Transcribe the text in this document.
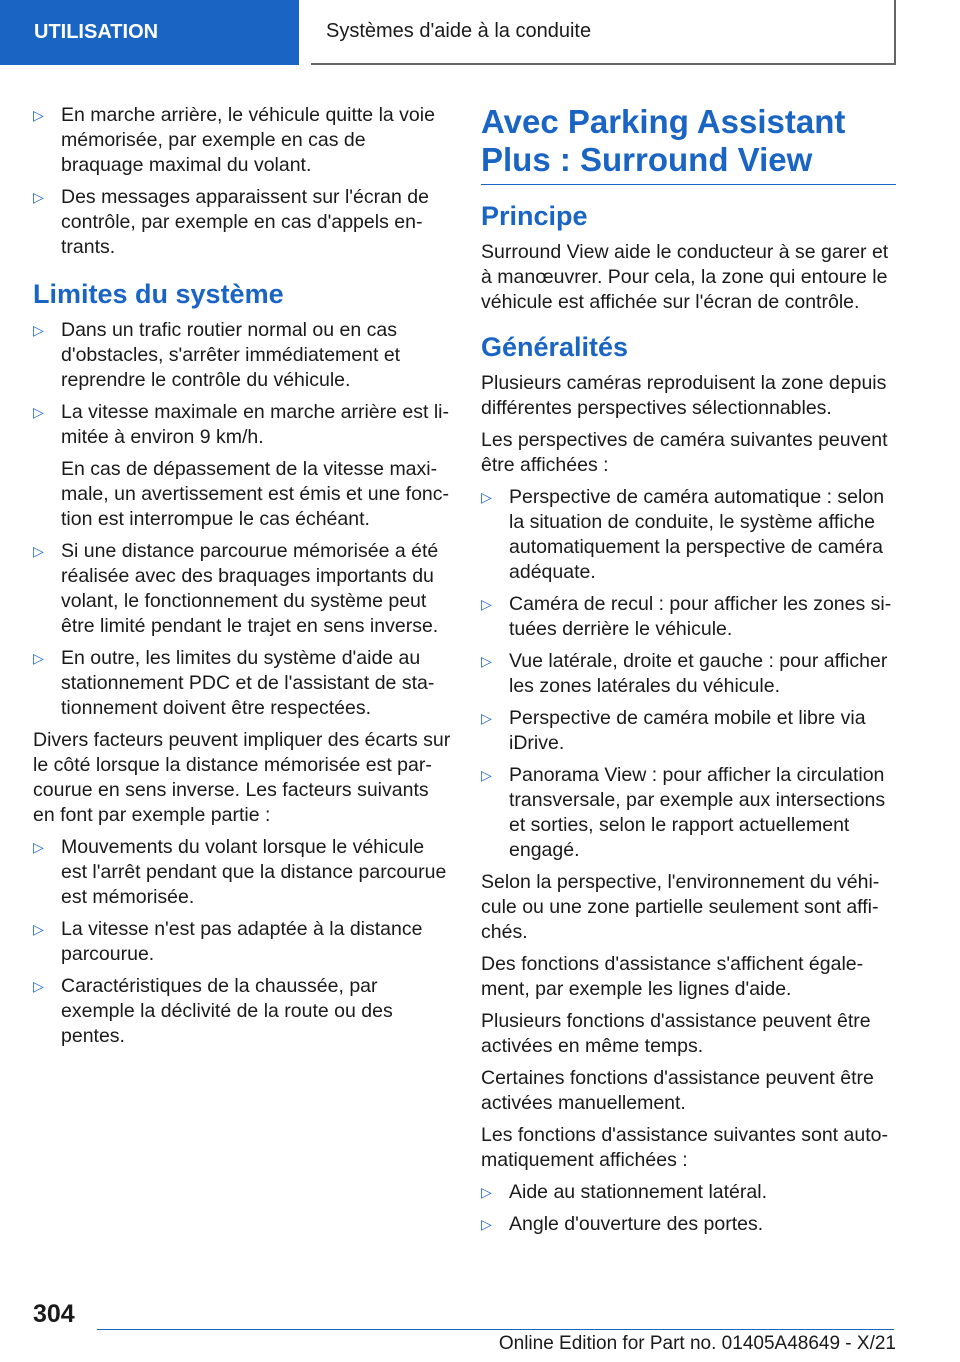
UTILISATION	Systèmes d'aide à la conduite
▷ En marche arrière, le véhicule quitte la voie mémorisée, par exemple en cas de braquage maximal du volant.
▷ Des messages apparaissent sur l'écran de contrôle, par exemple en cas d'appels entrants.
Limites du système
▷ Dans un trafic routier normal ou en cas d'obstacles, s'arrêter immédiatement et reprendre le contrôle du véhicule.
▷ La vitesse maximale en marche arrière est limitée à environ 9 km/h.
En cas de dépassement de la vitesse maximale, un avertissement est émis et une fonction est interrompue le cas échéant.
▷ Si une distance parcourue mémorisée a été réalisée avec des braquages importants du volant, le fonctionnement du système peut être limité pendant le trajet en sens inverse.
▷ En outre, les limites du système d'aide au stationnement PDC et de l'assistant de stationnement doivent être respectées.
Divers facteurs peuvent impliquer des écarts sur le côté lorsque la distance mémorisée est parcourue en sens inverse. Les facteurs suivants en font par exemple partie :
▷ Mouvements du volant lorsque le véhicule est l'arrêt pendant que la distance parcourue est mémorisée.
▷ La vitesse n'est pas adaptée à la distance parcourue.
▷ Caractéristiques de la chaussée, par exemple la déclivité de la route ou des pentes.
Avec Parking Assistant Plus : Surround View
Principe
Surround View aide le conducteur à se garer et à manœuvrer. Pour cela, la zone qui entoure le véhicule est affichée sur l'écran de contrôle.
Généralités
Plusieurs caméras reproduisent la zone depuis différentes perspectives sélectionnables.
Les perspectives de caméra suivantes peuvent être affichées :
▷ Perspective de caméra automatique : selon la situation de conduite, le système affiche automatiquement la perspective de caméra adéquate.
▷ Caméra de recul : pour afficher les zones situées derrière le véhicule.
▷ Vue latérale, droite et gauche : pour afficher les zones latérales du véhicule.
▷ Perspective de caméra mobile et libre via iDrive.
▷ Panorama View : pour afficher la circulation transversale, par exemple aux intersections et sorties, selon le rapport actuellement engagé.
Selon la perspective, l'environnement du véhicule ou une zone partielle seulement sont affichés.
Des fonctions d'assistance s'affichent également, par exemple les lignes d'aide.
Plusieurs fonctions d'assistance peuvent être activées en même temps.
Certaines fonctions d'assistance peuvent être activées manuellement.
Les fonctions d'assistance suivantes sont automatiquement affichées :
▷ Aide au stationnement latéral.
▷ Angle d'ouverture des portes.
304
Online Edition for Part no. 01405A48649 - X/21
